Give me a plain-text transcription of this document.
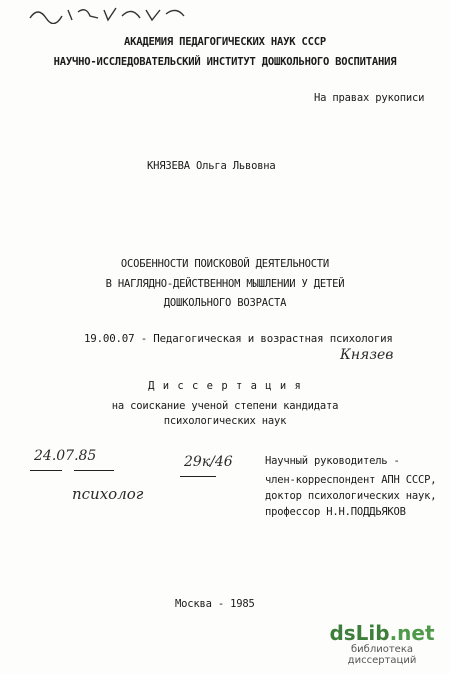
АКАДЕМИЯ ПЕДАГОГИЧЕСКИХ НАУК СССР
НАУЧНО-ИССЛЕДОВАТЕЛЬСКИЙ ИНСТИТУТ ДОШКОЛЬНОГО ВОСПИТАНИЯ
На правах рукописи
КНЯЗЕВА Ольга Львовна
ОСОБЕННОСТИ ПОИСКОВОЙ ДЕЯТЕЛЬНОСТИ
В НАГЛЯДНО-ДЕЙСТВЕННОМ МЫШЛЕНИИ У ДЕТЕЙ
ДОШКОЛЬНОГО ВОЗРАСТА
19.00.07 - Педагогическая и возрастная психология
Князев
Д и с с е р т а ц и я
на соискание ученой степени кандидата
психологических наук
24.07.85	29к/46
психолог
Научный руководитель -
член-корреспондент АПН СССР,
доктор психологических наук,
профессор Н.Н.ПОДДЬЯКОВ
Москва - 1985
dsLib.net
библиотека диссертаций
